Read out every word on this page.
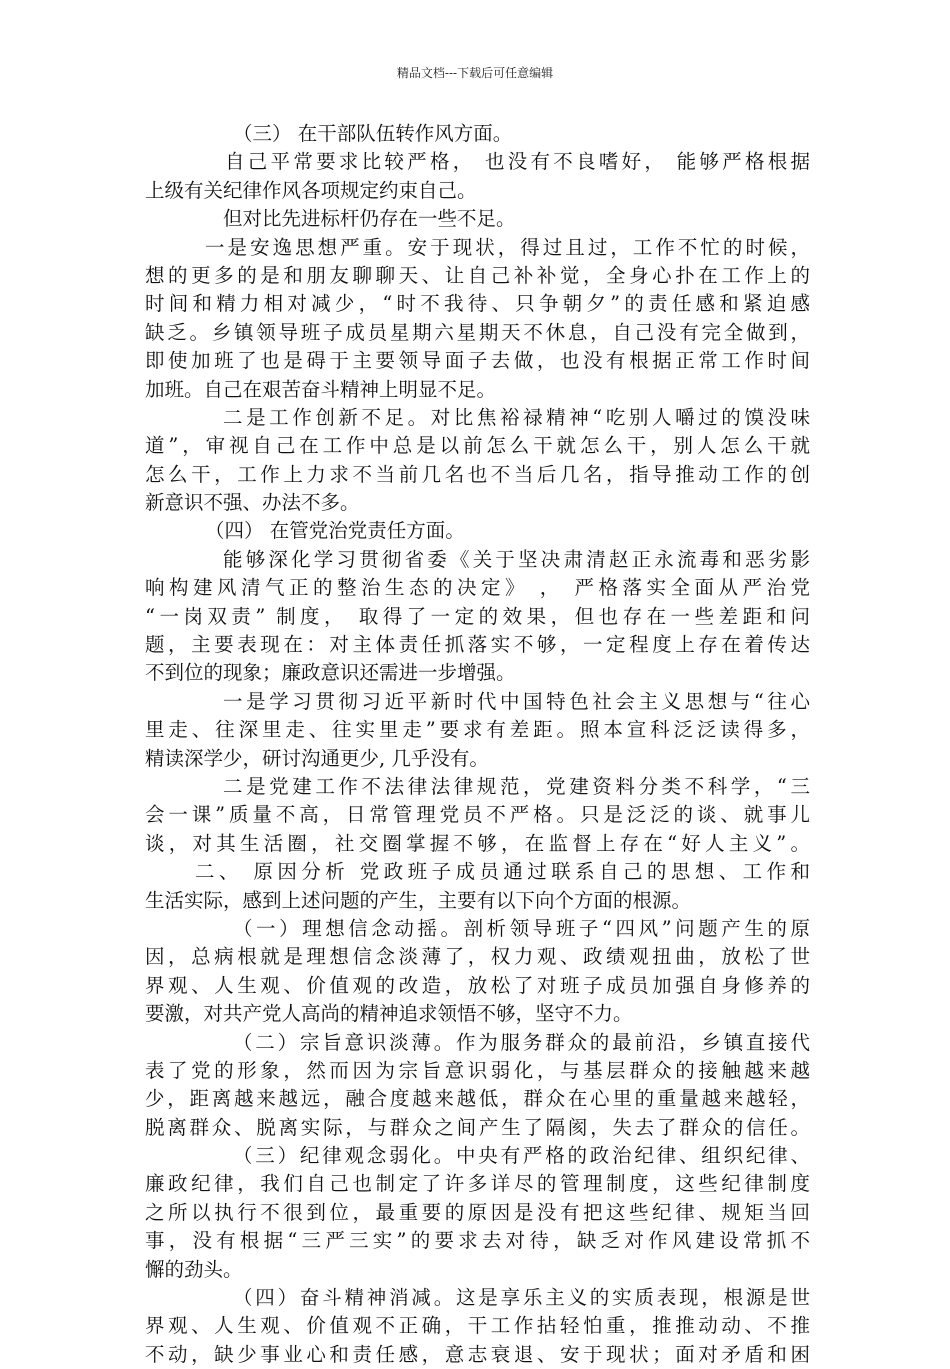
精品文档---下载后可任意编辑
（三） 在干部队伍转作风方面。
自己平常要求比较严格， 也没有不良嗜好， 能够严格根据
上级有关纪律作风各项规定约束自己。
但对比先进标杆仍存在一些不足。
一是安逸思想严重。安于现状，得过且过，工作不忙的时候，
想的更多的是和朋友聊聊天、让自己补补觉，全身心扑在工作上的
时间和精力相对减少，“时不我待、只争朝夕”的责任感和紧迫感
缺乏。乡镇领导班子成员星期六星期天不休息，自己没有完全做到，
即使加班了也是碍于主要领导面子去做，也没有根据正常工作时间
加班。自己在艰苦奋斗精神上明显不足。
二是工作创新不足。对比焦裕禄精神“吃别人嚼过的馍没味
道”，审视自己在工作中总是以前怎么干就怎么干，别人怎么干就
怎么干，工作上力求不当前几名也不当后几名，指导推动工作的创
新意识不强、办法不多。
（四） 在管党治党责任方面。
能够深化学习贯彻省委《关于坚决肃清赵正永流毒和恶劣影
响构建风清气正的整治生态的决定》 ， 严格落实全面从严治党
“一岗双责” 制度， 取得了一定的效果，但也存在一些差距和问
题，主要表现在：对主体责任抓落实不够，一定程度上存在着传达
不到位的现象；廉政意识还需进一步增强。
一是学习贯彻习近平新时代中国特色社会主义思想与“往心
里走、往深里走、往实里走”要求有差距。照本宣科泛泛读得多，
精读深学少，研讨沟通更少, 几乎没有。
二是党建工作不法律法律规范，党建资料分类不科学，“三
会一课”质量不高，日常管理党员不严格。只是泛泛的谈、就事儿
谈，对其生活圈，社交圈掌握不够，在监督上存在“好人主义”。
二、 原因分析 党政班子成员通过联系自己的思想、工作和
生活实际，感到上述问题的产生，主要有以下向个方面的根源。
（一）理想信念动摇。剖析领导班子“四风”问题产生的原
因，总病根就是理想信念淡薄了，权力观、政绩观扭曲，放松了世
界观、人生观、价值观的改造，放松了对班子成员加强自身修养的
要激，对共产党人高尚的精神追求领悟不够，坚守不力。
（二）宗旨意识淡薄。作为服务群众的最前沿，乡镇直接代
表了党的形象，然而因为宗旨意识弱化，与基层群众的接触越来越
少，距离越来越远，融合度越来越低，群众在心里的重量越来越轻，
脱离群众、脱离实际，与群众之间产生了隔阂，失去了群众的信任。
（三）纪律观念弱化。中央有严格的政治纪律、组织纪律、
廉政纪律，我们自己也制定了许多详尽的管理制度，这些纪律制度
之所以执行不很到位，最重要的原因是没有把这些纪律、规矩当回
事，没有根据“三严三实”的要求去对待，缺乏对作风建设常抓不
懈的劲头。
（四）奋斗精神消减。这是享乐主义的实质表现，根源是世
界观、人生观、价值观不正确，干工作拈轻怕重，推推动动、不推
不动，缺少事业心和责任感，意志衰退、安于现状；面对矛盾和困
